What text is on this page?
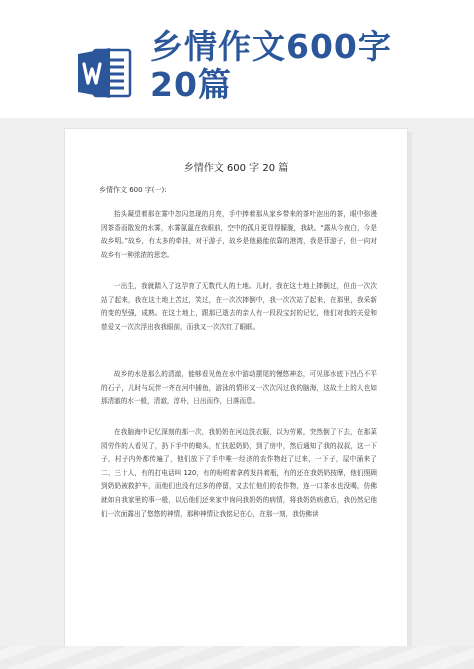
乡情作文600字
20篇
乡情作文 600 字 20 篇
乡情作文 600 字(一):

抬头凝望着那在雾中忽闪忽现的月亮，手中捧着那从家乡带来的茶叶泡出的茶，眼中弥漫因茶香而散发的水雾，水雾氤氲在我眼前，空中的孤月更显得朦胧，我缺。“露从今夜白，今是故乡明。”故乡，有太多的牵挂，对于游子，故乡是他最能依靠的港湾，我是菲游子，但一向对故乡有一种浓浓的思恋。

一出生，我就踏入了这孕育了无数代人的土地。儿时，我在这土地上摔倒过，但由一次次站了起来，我在这土地上苦过，笑过，在一次次摔倒中，我一次次站了起来，在那里，我采新的变的坚强，成熟。在这土地上，跟那已逝去的亲人有一段段宝封的记忆，他们对我的关爱和慈爱又一次次浮出我我眼前，而我又一次次红了眼眶。

故乡的水是那么的清澈，能够看见鱼在水中游动摆尾的慢悠神态，可见那水底下凹凸不平的石子，儿时与玩伴一齐在河中捕鱼，游泳的情形又一次次闪过我的脑海，这故土上的人也如那清澈的水一般，清澈，淳朴，日出而作，日落而息。

在我脑海中记忆深刻的那一次，我奶奶在河边洗衣服，以为劳累，突然倒了下去，在那菜园劳作的人看见了，扔下手中的锄头，忙扶起奶奶，到了房中，然后通知了我的叔叔，这一下子，村子内外都传遍了，他们放下了手中唯一经济的农作物赶了过来，一下子，屋中涌来了二、三十人，有的打电话叫 120，有的吩咐着拿药发抖着瓶，有的还在我奶奶按摩，他们照顾到奶奶被救护车，而他们也没有过多的停留，又去忙他们的农作物，连一口茶水也没喝，仿佛就如自我家里的事一般，以后他们还来家中询问我奶奶的病情，将我奶奶病愈后，我仍然记他们一次面露出了悠悠的神情，那种神情让我铭记在心，在那一刻，我仿佛读
